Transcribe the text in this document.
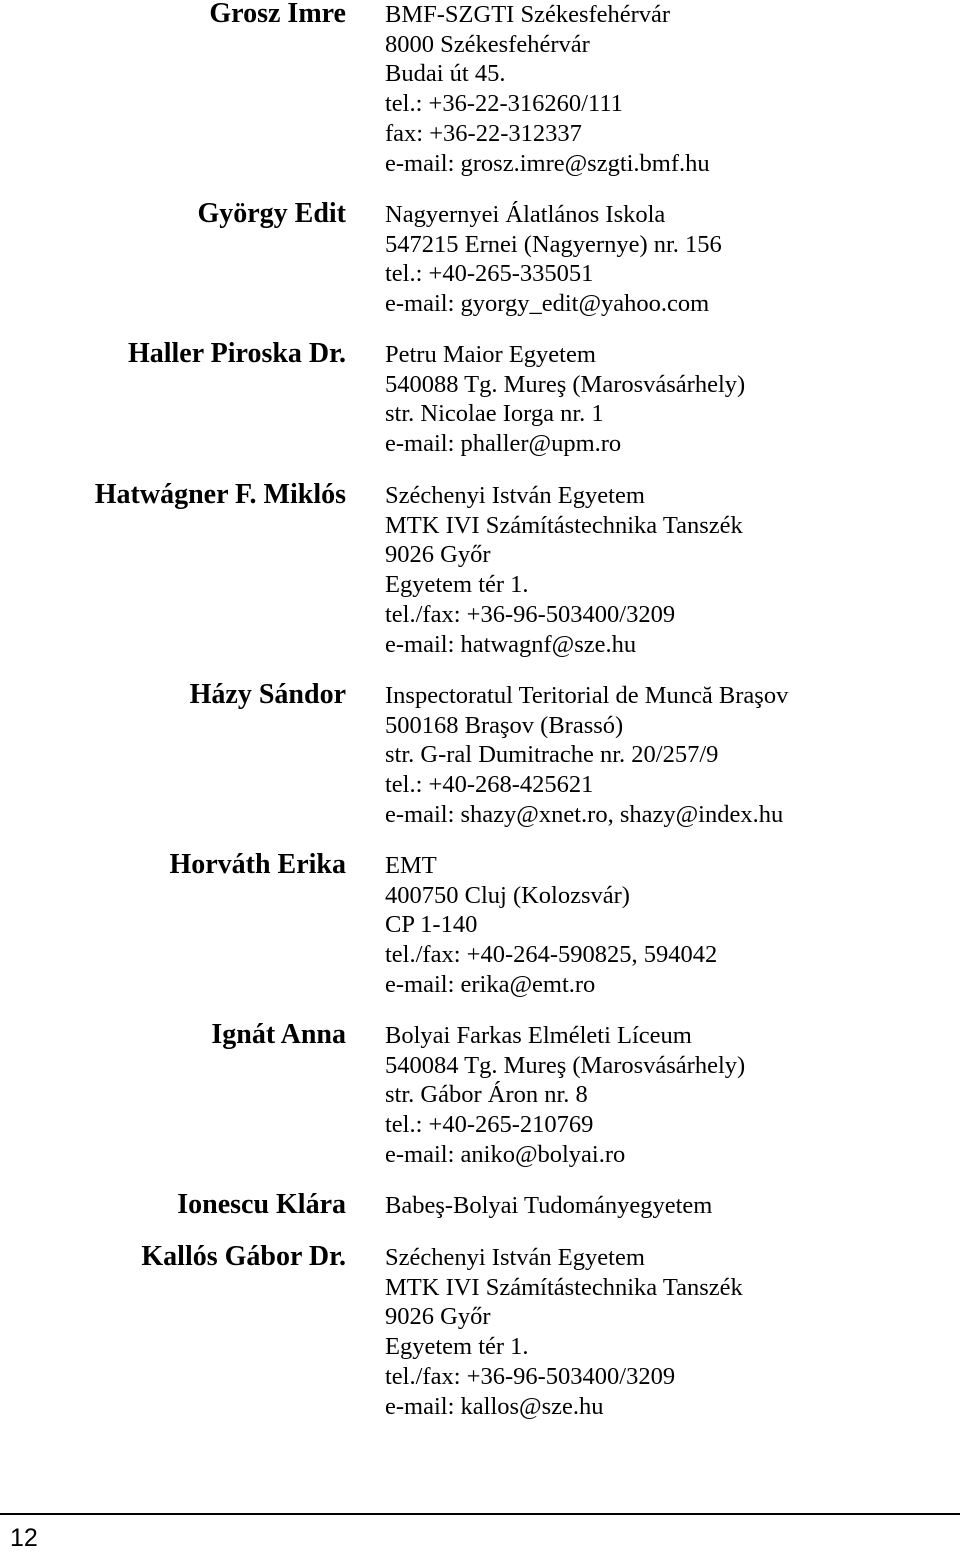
Grosz Imre BMF-SZGTI Székesfehérvár
8000 Székesfehérvár
Budai út 45.
tel.: +36-22-316260/111
fax: +36-22-312337
e-mail: grosz.imre@szgti.bmf.hu
György Edit Nagyernyei Álatlános Iskola
547215 Ernei (Nagyernye) nr. 156
tel.: +40-265-335051
e-mail: gyorgy_edit@yahoo.com
Haller Piroska Dr. Petru Maior Egyetem
540088 Tg. Mureş (Marosvásárhely)
str. Nicolae Iorga nr. 1
e-mail: phaller@upm.ro
Hatwágner F. Miklós Széchenyi István Egyetem
MTK IVI Számítástechnika Tanszék
9026 Győr
Egyetem tér 1.
tel./fax: +36-96-503400/3209
e-mail: hatwagnf@sze.hu
Házy Sándor Inspectoratul Teritorial de Muncă Braşov
500168 Braşov (Brassó)
str. G-ral Dumitrache nr. 20/257/9
tel.: +40-268-425621
e-mail: shazy@xnet.ro, shazy@index.hu
Horváth Erika EMT
400750 Cluj (Kolozsvár)
CP 1-140
tel./fax: +40-264-590825, 594042
e-mail: erika@emt.ro
Ignát Anna Bolyai Farkas Elméleti Líceum
540084 Tg. Mureş (Marosvásárhely)
str. Gábor Áron nr. 8
tel.: +40-265-210769
e-mail: aniko@bolyai.ro
Ionescu Klára Babeş-Bolyai Tudományegyetem
Kallós Gábor Dr. Széchenyi István Egyetem
MTK IVI Számítástechnika Tanszék
9026 Győr
Egyetem tér 1.
tel./fax: +36-96-503400/3209
e-mail: kallos@sze.hu
12
